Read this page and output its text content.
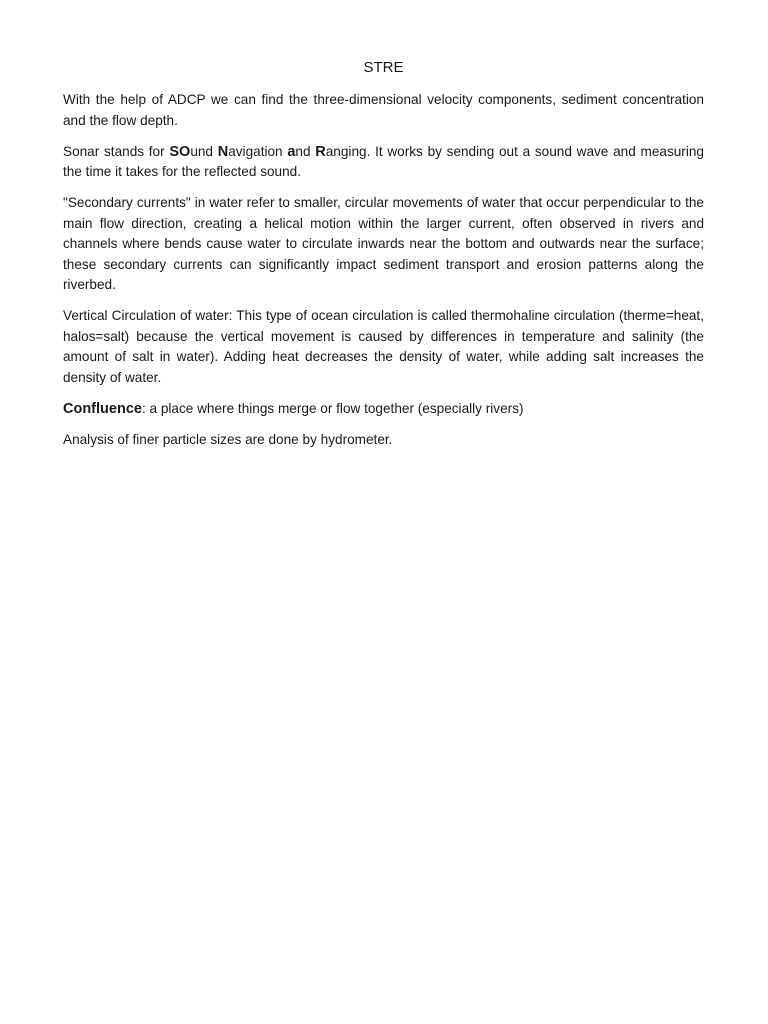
STRE

With the help of ADCP we can find the three-dimensional velocity components, sediment concentration and the flow depth.

Sonar stands for SOund Navigation and Ranging. It works by sending out a sound wave and measuring the time it takes for the reflected sound.

"Secondary currents" in water refer to smaller, circular movements of water that occur perpendicular to the main flow direction, creating a helical motion within the larger current, often observed in rivers and channels where bends cause water to circulate inwards near the bottom and outwards near the surface; these secondary currents can significantly impact sediment transport and erosion patterns along the riverbed.

Vertical Circulation of water: This type of ocean circulation is called thermohaline circulation (therme=heat, halos=salt) because the vertical movement is caused by differences in temperature and salinity (the amount of salt in water). Adding heat decreases the density of water, while adding salt increases the density of water.

Confluence: a place where things merge or flow together (especially rivers)

Analysis of finer particle sizes are done by hydrometer.
